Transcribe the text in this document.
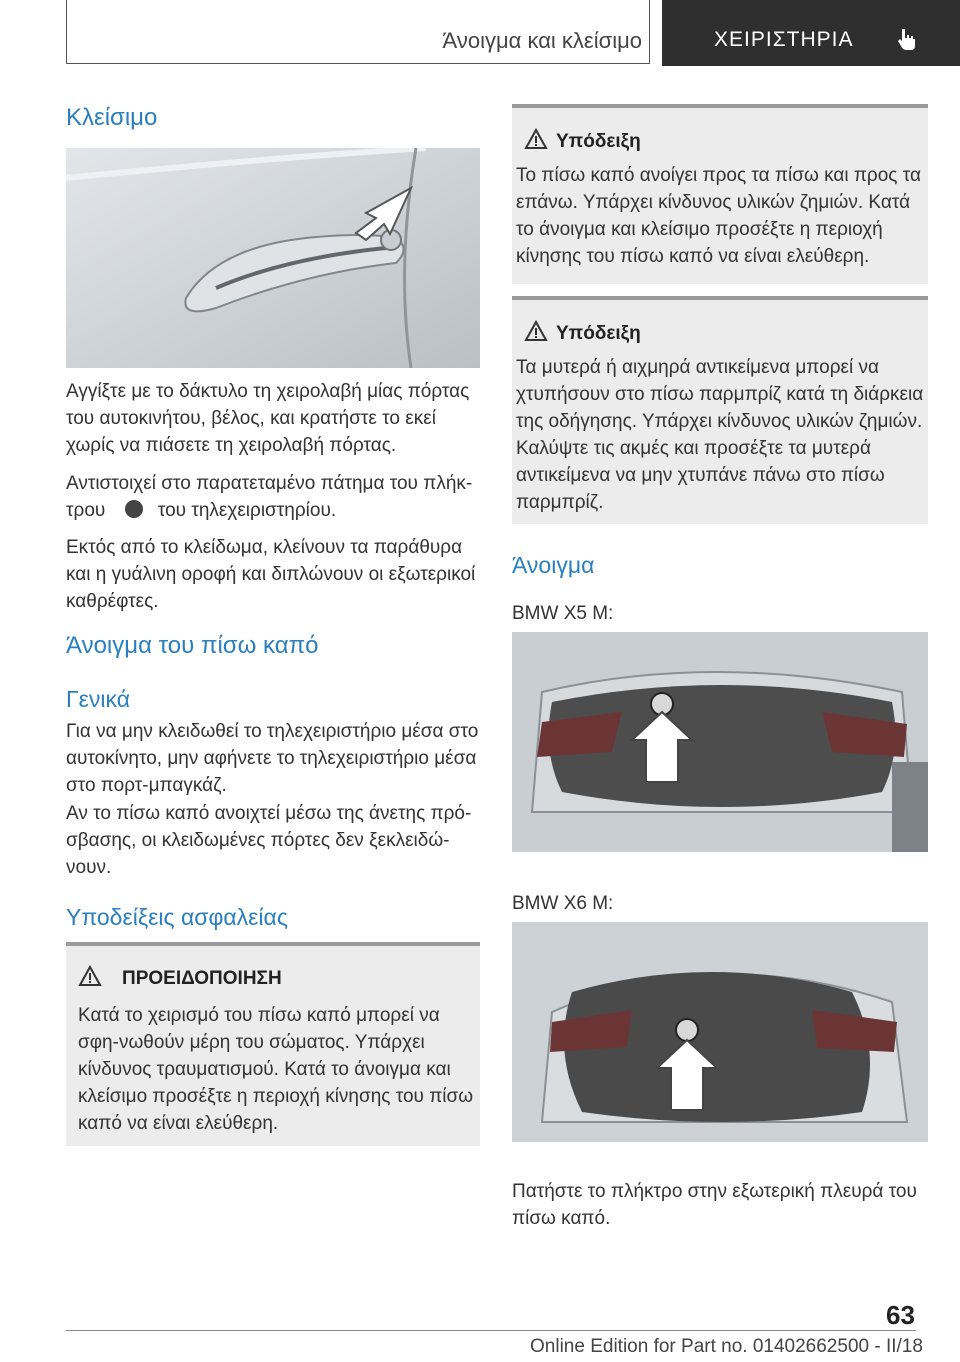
Άνοιγμα και κλείσιμο	ΧΕΙΡΙΣΤΗΡΙΑ
Κλείσιμο

Αγγίξτε με το δάκτυλο τη χειρολαβή μίας πόρτας του αυτοκινήτου, βέλος, και κρατήστε το εκεί χωρίς να πιάσετε τη χειρολαβή πόρτας.

Αντιστοιχεί στο παρατεταμένο πάτημα του πλήκ-

τρου	του τηλεχειριστηρίου.

Εκτός από το κλείδωμα, κλείνουν τα παράθυρα και η γυάλινη οροφή και διπλώνουν οι εξωτερικοί καθρέφτες.

Άνοιγμα του πίσω καπό
Γενικά

Για να μην κλειδωθεί το τηλεχειριστήριο μέσα στο αυτοκίνητο, μην αφήνετε το τηλεχειριστήριο μέσα στο πορτ-μπαγκάζ.

Αν το πίσω καπό ανοιχτεί μέσω της άνετης πρό-σβασης, οι κλειδωμένες πόρτες δεν ξεκλειδώ-νουν.

Υποδείξεις ασφαλείας
ΠΡΟΕΙΔΟΠΟΙΗΣΗ

Κατά το χειρισμό του πίσω καπό μπορεί να σφη-νωθούν μέρη του σώματος. Υπάρχει κίνδυνος τραυματισμού. Κατά το άνοιγμα και κλείσιμο προσέξτε η περιοχή κίνησης του πίσω καπό να είναι ελεύθερη.

Υπόδειξη

Το πίσω καπό ανοίγει προς τα πίσω και προς τα επάνω. Υπάρχει κίνδυνος υλικών ζημιών. Κατά το άνοιγμα και κλείσιμο προσέξτε η περιοχή κίνησης του πίσω καπό να είναι ελεύθερη.

Υπόδειξη

Τα μυτερά ή αιχμηρά αντικείμενα μπορεί να χτυπήσουν στο πίσω παρμπρίζ κατά τη διάρκεια της οδήγησης. Υπάρχει κίνδυνος υλικών ζημιών. Καλύψτε τις ακμές και προσέξτε τα μυτερά αντικείμενα να μην χτυπάνε πάνω στο πίσω παρμπρίζ.

Άνοιγμα
BMW X5 M:
BMW X6 M:

Πατήστε το πλήκτρο στην εξωτερική πλευρά του πίσω καπό.

63
Online Edition for Part no. 01402662500 - II/18
